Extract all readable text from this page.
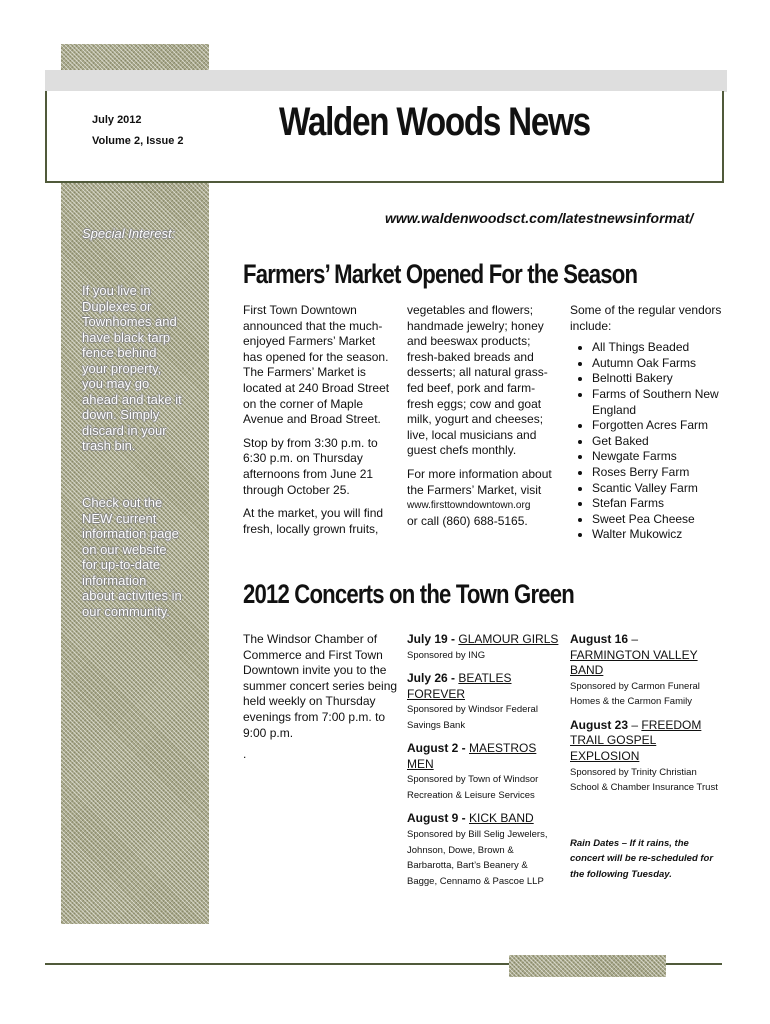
July 2012
Volume 2, Issue 2 Walden Woods News
www.waldenwoodsct.com/latestnewsinformat/
Special Interest:
If you live in Duplexes or Townhomes and have black tarp fence behind your property, you may go ahead and take it down. Simply discard in your trash bin.
Check out the NEW current information page on our website for up-to-date information about activities in our community.
Farmers’ Market Opened For the Season

First Town Downtown announced that the much-enjoyed Farmers’ Market has opened for the season. The Farmers’ Market is located at 240 Broad Street on the corner of Maple Avenue and Broad Street.

Stop by from 3:30 p.m. to 6:30 p.m. on Thursday afternoons from June 21 through October 25.

At the market, you will find fresh, locally grown fruits,

vegetables and flowers; handmade jewelry; honey and beeswax products; fresh-baked breads and desserts; all natural grass-fed beef, pork and farm-fresh eggs; cow and goat milk, yogurt and cheeses; live, local musicians and guest chefs monthly.

For more information about the Farmers’ Market, visit

www.firsttowndowntown.org
or call (860) 688-5165.

Some of the regular vendors include:

• All Things Beaded
• Autumn Oak Farms
• Belnotti Bakery
• Farms of Southern New England
• Forgotten Acres Farm
• Get Baked
• Newgate Farms
• Roses Berry Farm
• Scantic Valley Farm
• Stefan Farms
• Sweet Pea Cheese
• Walter Mukowicz
2012 Concerts on the Town Green

The Windsor Chamber of Commerce and First Town Downtown invite you to the summer concert series being held weekly on Thursday evenings from 7:00 p.m. to 9:00 p.m.

.
July 19 - GLAMOUR GIRLS
Sponsored by ING
July 26 - BEATLES FOREVER
Sponsored by Windsor Federal Savings Bank
August 2 - MAESTROS MEN
Sponsored by Town of Windsor Recreation & Leisure Services
August 9 - KICK BAND
Sponsored by Bill Selig Jewelers, Johnson, Dowe, Brown & Barbarotta, Bart’s Beanery & Bagge, Cennamo & Pascoe LLP
August 16 – FARMINGTON VALLEY BAND
Sponsored by Carmon Funeral Homes & the Carmon Family
August 23 – FREEDOM TRAIL GOSPEL EXPLOSION
Sponsored by Trinity Christian School & Chamber Insurance Trust
Rain Dates – If it rains, the concert will be re-scheduled for the following Tuesday.
